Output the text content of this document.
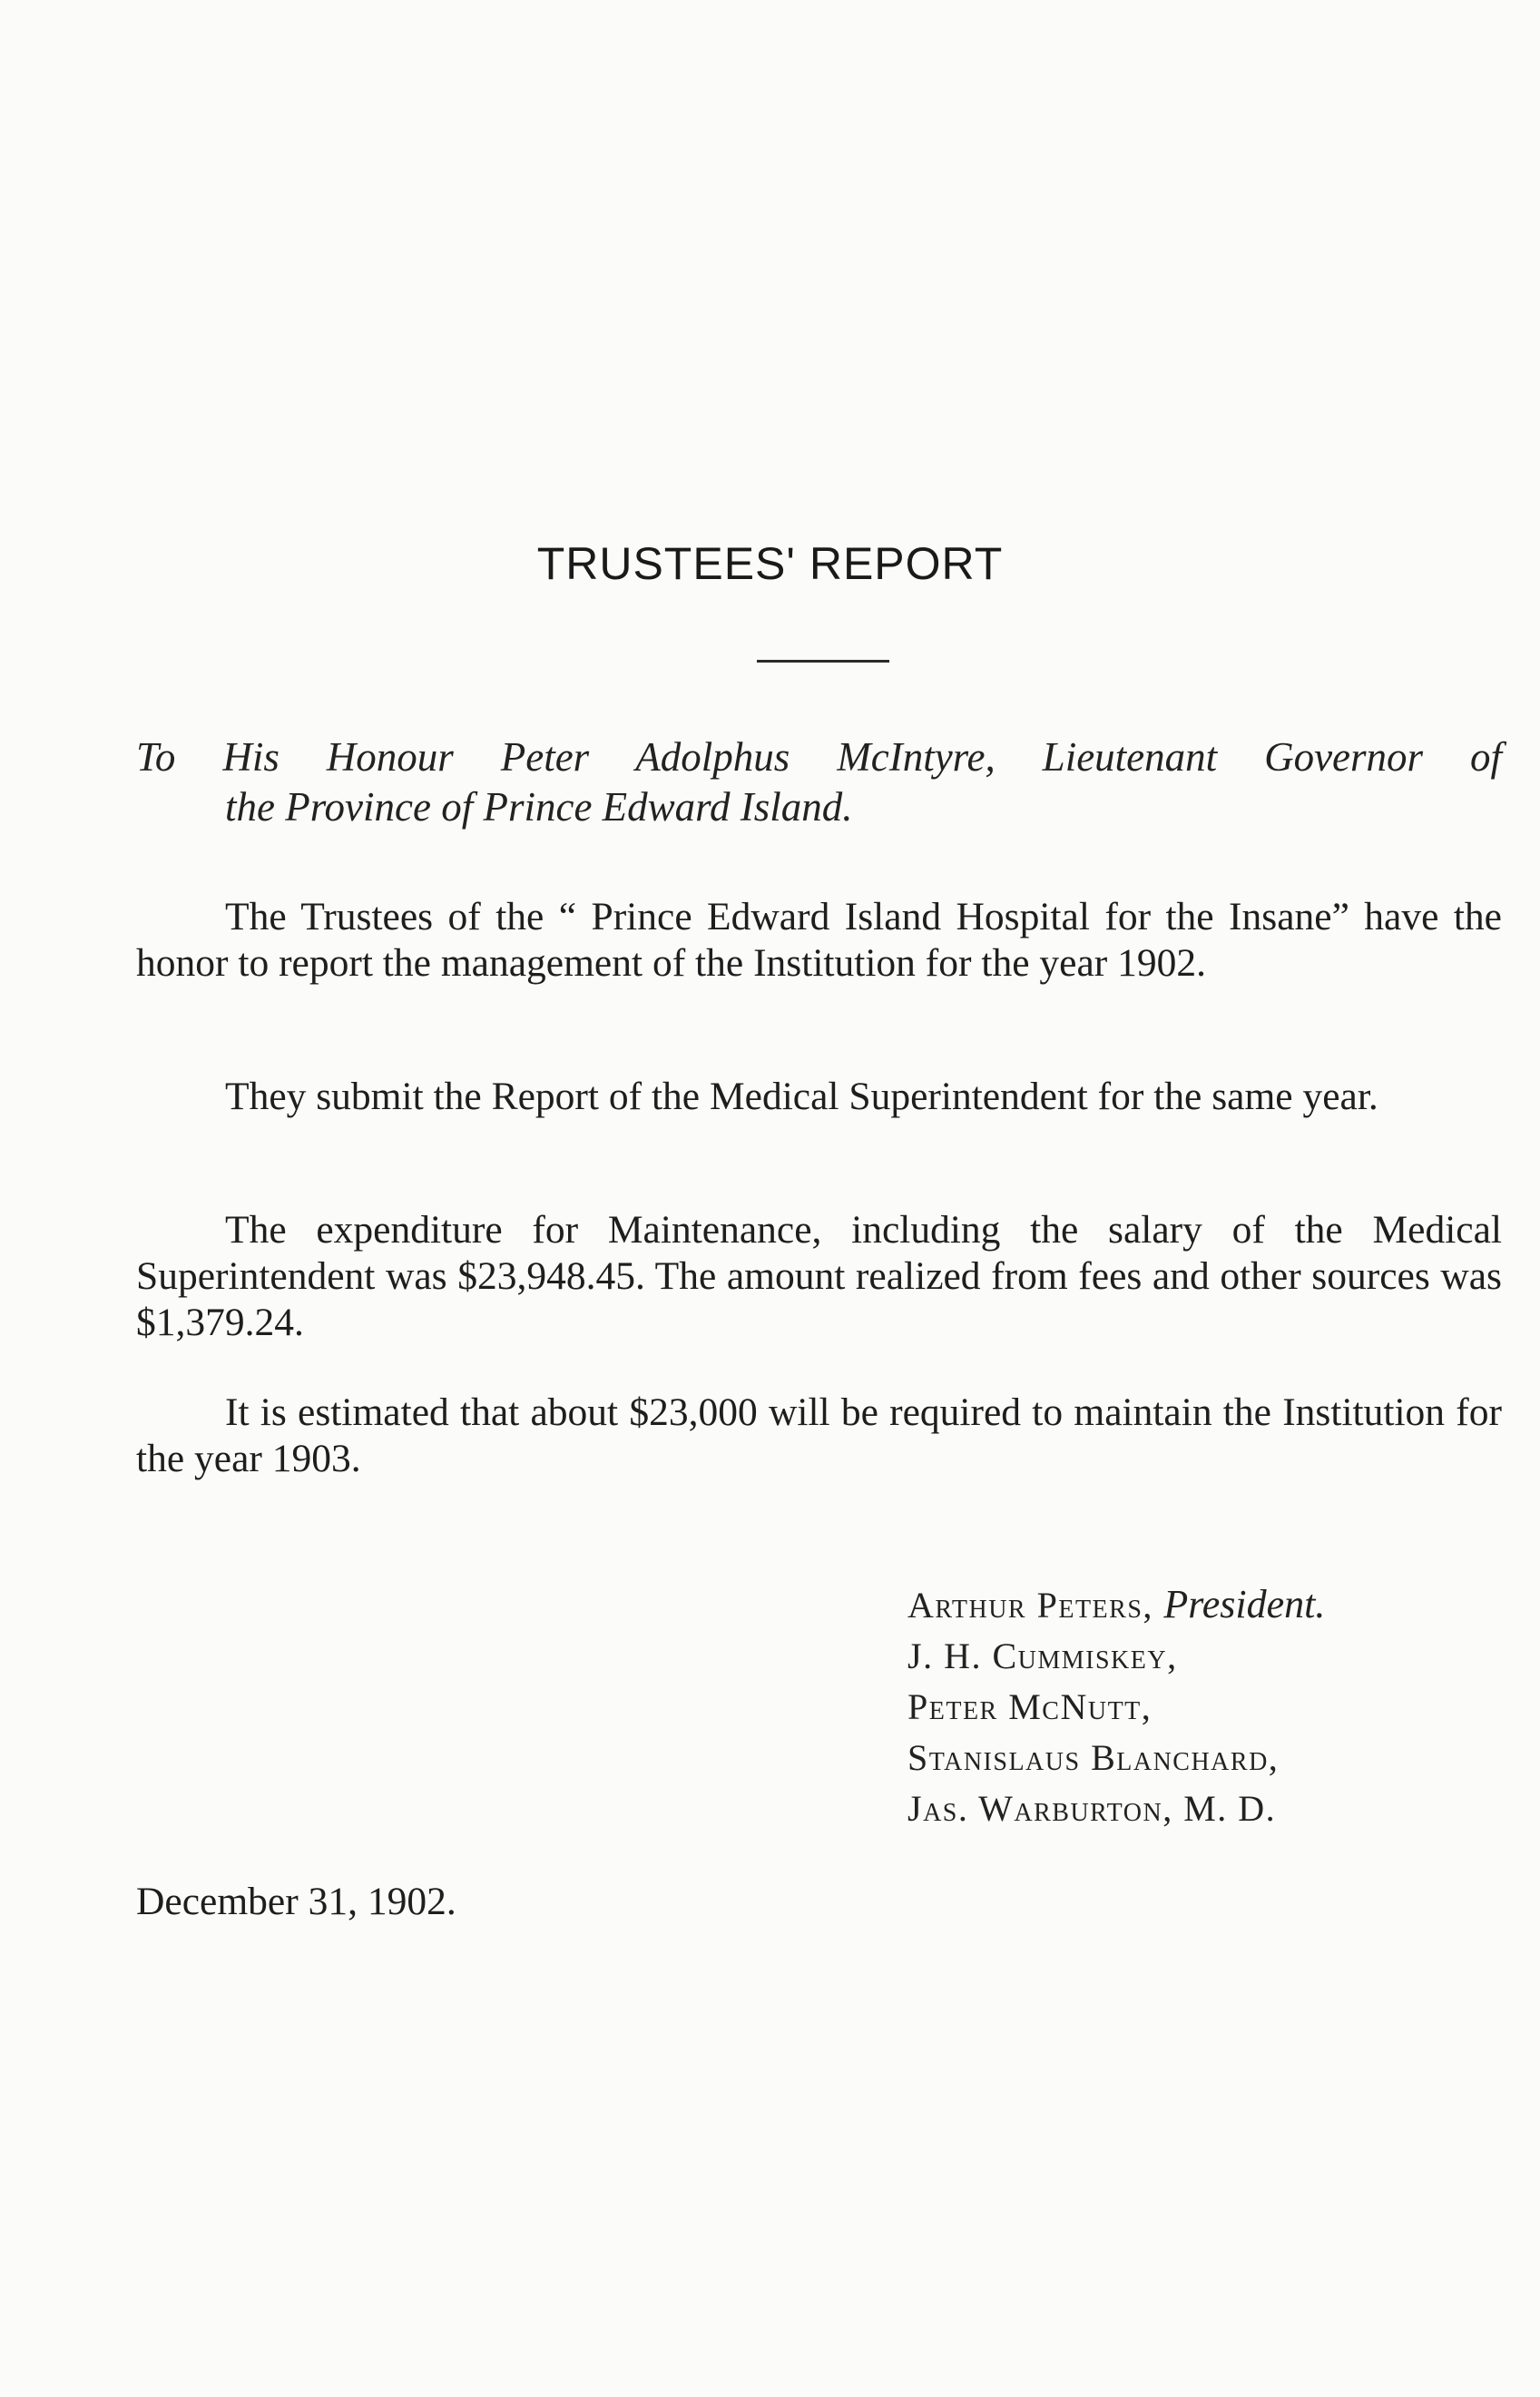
TRUSTEES' REPORT
To His Honour Peter Adolphus McIntyre, Lieutenant Governor of
the Province of Prince Edward Island.

The Trustees of the “ Prince Edward Island Hospital for the Insane” have the honor to report the management of the Institution for the year 1902.

They submit the Report of the Medical Superintendent for the same year.

The expenditure for Maintenance, including the salary of the Medical Superintendent was $23,948.45. The amount realized from fees and other sources was $1,379.24.

It is estimated that about $23,000 will be required to maintain the Institution for the year 1903.

Arthur Peters, President.
J. H. Cummiskey,
Peter McNutt,
Stanislaus Blanchard,
Jas. Warburton, M. D.
December 31, 1902.
